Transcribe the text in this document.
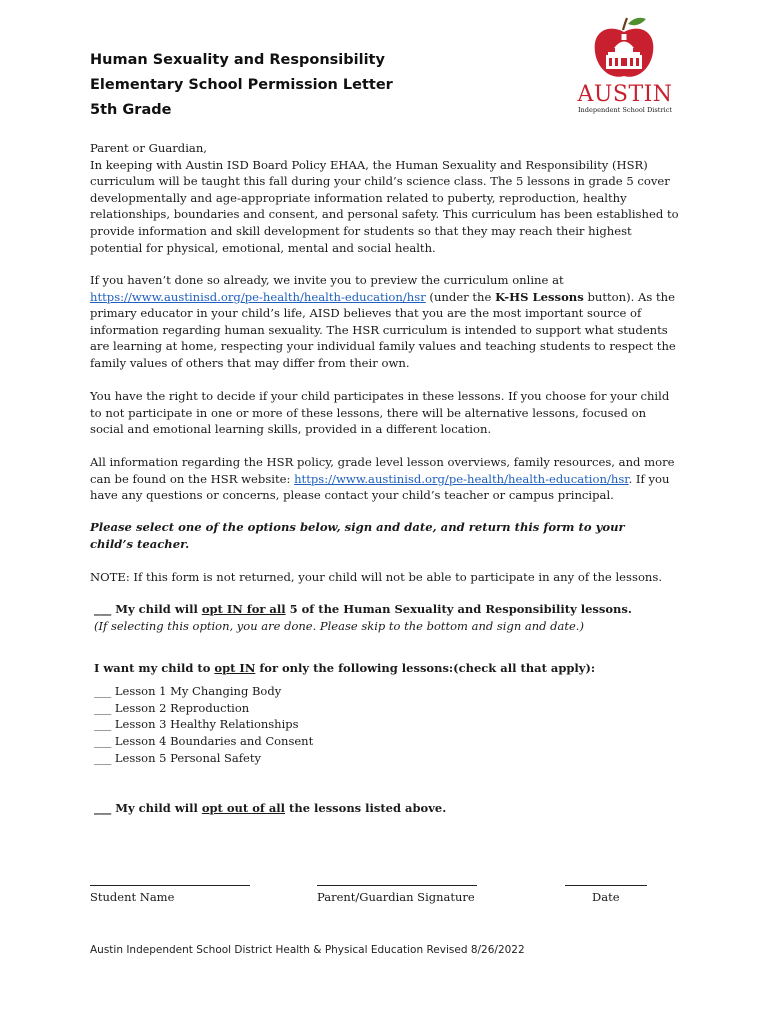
Human Sexuality and Responsibility
Elementary School Permission Letter
5th Grade
AUSTIN
Independent School District
Parent or Guardian,
In keeping with Austin ISD Board Policy EHAA, the Human Sexuality and Responsibility (HSR) curriculum will be taught this fall during your child’s science class. The 5 lessons in grade 5 cover developmentally and age-appropriate information related to puberty, reproduction, healthy relationships, boundaries and consent, and personal safety. This curriculum has been established to provide information and skill development for students so that they may reach their highest potential for physical, emotional, mental and social health.
If you haven’t done so already, we invite you to preview the curriculum online at https://www.austinisd.org/pe-health/health-education/hsr (under the K-HS Lessons button). As the primary educator in your child’s life, AISD believes that you are the most important source of information regarding human sexuality. The HSR curriculum is intended to support what students are learning at home, respecting your individual family values and teaching students to respect the family values of others that may differ from their own.
You have the right to decide if your child participates in these lessons. If you choose for your child to not participate in one or more of these lessons, there will be alternative lessons, focused on social and emotional learning skills, provided in a different location.
All information regarding the HSR policy, grade level lesson overviews, family resources, and more can be found on the HSR website: https://www.austinisd.org/pe-health/health-education/hsr. If you have any questions or concerns, please contact your child’s teacher or campus principal.
Please select one of the options below, sign and date, and return this form to your child’s teacher.
NOTE: If this form is not returned, your child will not be able to participate in any of the lessons.
___ My child will opt IN for all 5 of the Human Sexuality and Responsibility lessons.
(If selecting this option, you are done. Please skip to the bottom and sign and date.)
I want my child to opt IN for only the following lessons:(check all that apply):
___ Lesson 1 My Changing Body
___ Lesson 2 Reproduction
___ Lesson 3 Healthy Relationships
___ Lesson 4 Boundaries and Consent
___ Lesson 5 Personal Safety
___ My child will opt out of all the lessons listed above.
Student Name	Parent/Guardian Signature	Date
Austin Independent School District Health & Physical Education Revised 8/26/2022
